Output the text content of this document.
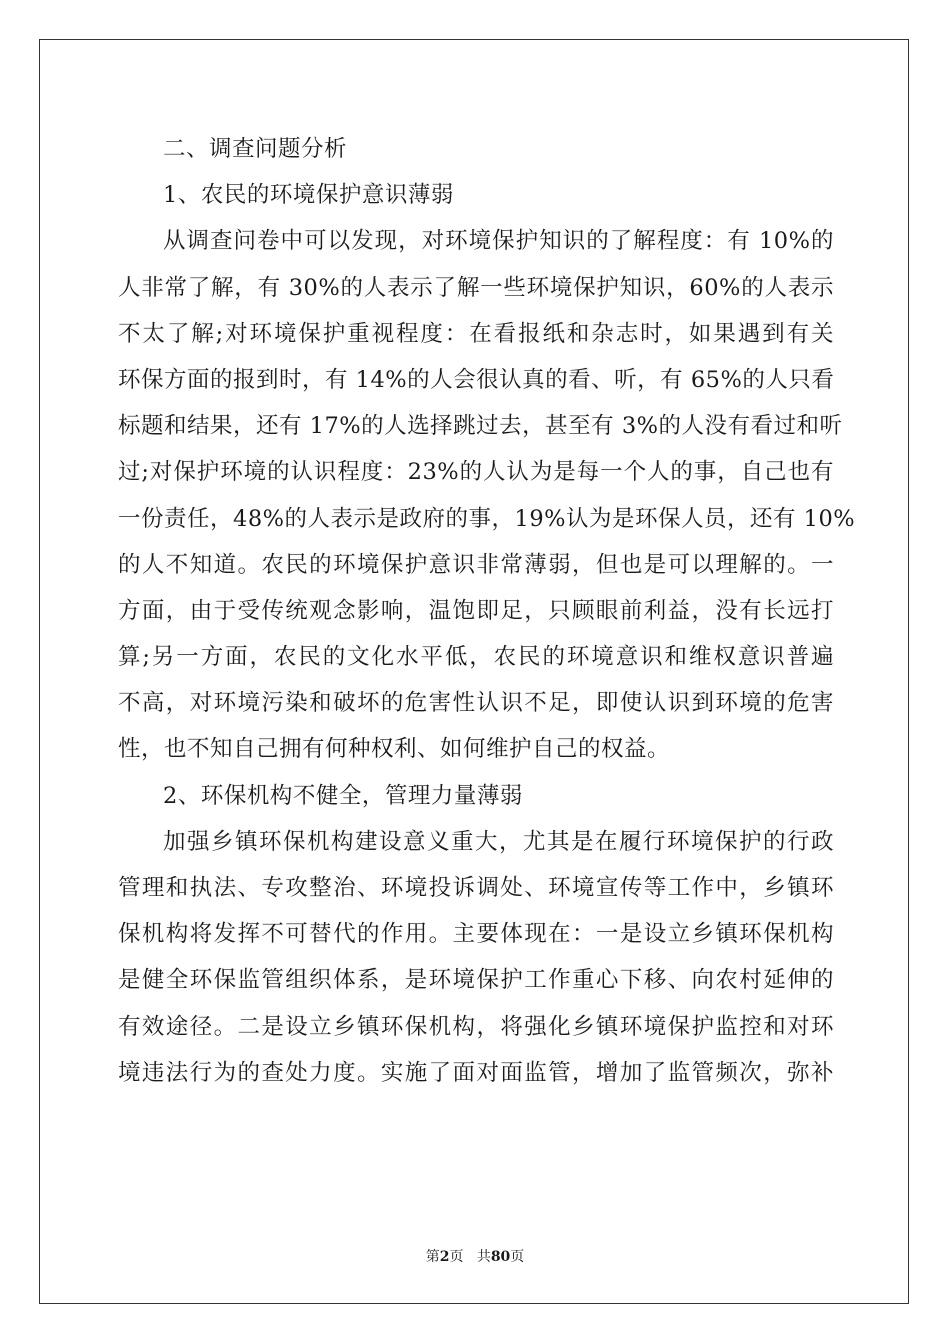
二、调查问题分析
1、农民的环境保护意识薄弱
从调查问卷中可以发现，对环境保护知识的了解程度：有 10%的
人非常了解，有 30%的人表示了解一些环境保护知识，60%的人表示
不太了解;对环境保护重视程度：在看报纸和杂志时，如果遇到有关
环保方面的报到时，有 14%的人会很认真的看、听，有 65%的人只看
标题和结果，还有 17%的人选择跳过去，甚至有 3%的人没有看过和听
过;对保护环境的认识程度：23%的人认为是每一个人的事，自己也有
一份责任，48%的人表示是政府的事，19%认为是环保人员，还有 10%
的人不知道。农民的环境保护意识非常薄弱，但也是可以理解的。一
方面，由于受传统观念影响，温饱即足，只顾眼前利益，没有长远打
算;另一方面，农民的文化水平低，农民的环境意识和维权意识普遍
不高，对环境污染和破坏的危害性认识不足，即使认识到环境的危害
性，也不知自己拥有何种权利、如何维护自己的权益。
2、环保机构不健全，管理力量薄弱
加强乡镇环保机构建设意义重大，尤其是在履行环境保护的行政
管理和执法、专攻整治、环境投诉调处、环境宣传等工作中，乡镇环
保机构将发挥不可替代的作用。主要体现在：一是设立乡镇环保机构
是健全环保监管组织体系，是环境保护工作重心下移、向农村延伸的
有效途径。二是设立乡镇环保机构，将强化乡镇环境保护监控和对环
境违法行为的查处力度。实施了面对面监管，增加了监管频次，弥补
第2页 共80页
